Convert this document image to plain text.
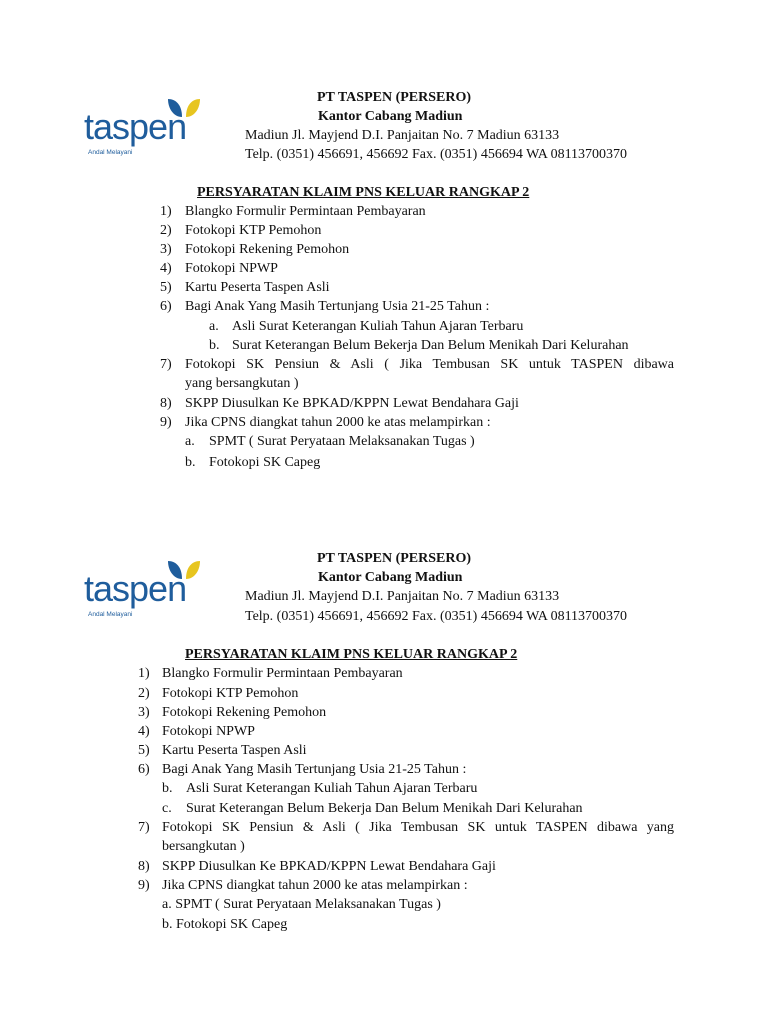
taspen
Andal Melayani
PT TASPEN (PERSERO)
Kantor Cabang Madiun
Madiun Jl. Mayjend D.I. Panjaitan No. 7 Madiun 63133
Telp. (0351) 456691, 456692 Fax. (0351) 456694 WA 08113700370
PERSYARATAN KLAIM PNS KELUAR RANGKAP 2
1) Blangko Formulir Permintaan Pembayaran
2) Fotokopi KTP Pemohon
3) Fotokopi Rekening Pemohon
4) Fotokopi NPWP
5) Kartu Peserta Taspen Asli
6) Bagi Anak Yang Masih Tertunjang Usia 21-25 Tahun :
a. Asli Surat Keterangan Kuliah Tahun Ajaran Terbaru
b. Surat Keterangan Belum Bekerja Dan Belum Menikah Dari Kelurahan
7) Fotokopi SK Pensiun & Asli ( Jika Tembusan SK untuk TASPEN dibawa
yang bersangkutan )
8) SKPP Diusulkan Ke BPKAD/KPPN Lewat Bendahara Gaji
9) Jika CPNS diangkat tahun 2000 ke atas melampirkan :
a. SPMT ( Surat Peryataan Melaksanakan Tugas )
b. Fotokopi SK Capeg
taspen
Andal Melayani
PT TASPEN (PERSERO)
Kantor Cabang Madiun
Madiun Jl. Mayjend D.I. Panjaitan No. 7 Madiun 63133
Telp. (0351) 456691, 456692 Fax. (0351) 456694 WA 08113700370
PERSYARATAN KLAIM PNS KELUAR RANGKAP 2
1) Blangko Formulir Permintaan Pembayaran
2) Fotokopi KTP Pemohon
3) Fotokopi Rekening Pemohon
4) Fotokopi NPWP
5) Kartu Peserta Taspen Asli
6) Bagi Anak Yang Masih Tertunjang Usia 21-25 Tahun :
b. Asli Surat Keterangan Kuliah Tahun Ajaran Terbaru
c. Surat Keterangan Belum Bekerja Dan Belum Menikah Dari Kelurahan
7) Fotokopi SK Pensiun & Asli ( Jika Tembusan SK untuk TASPEN dibawa yang
bersangkutan )
8) SKPP Diusulkan Ke BPKAD/KPPN Lewat Bendahara Gaji
9) Jika CPNS diangkat tahun 2000 ke atas melampirkan :
a. SPMT ( Surat Peryataan Melaksanakan Tugas )
b. Fotokopi SK Capeg
